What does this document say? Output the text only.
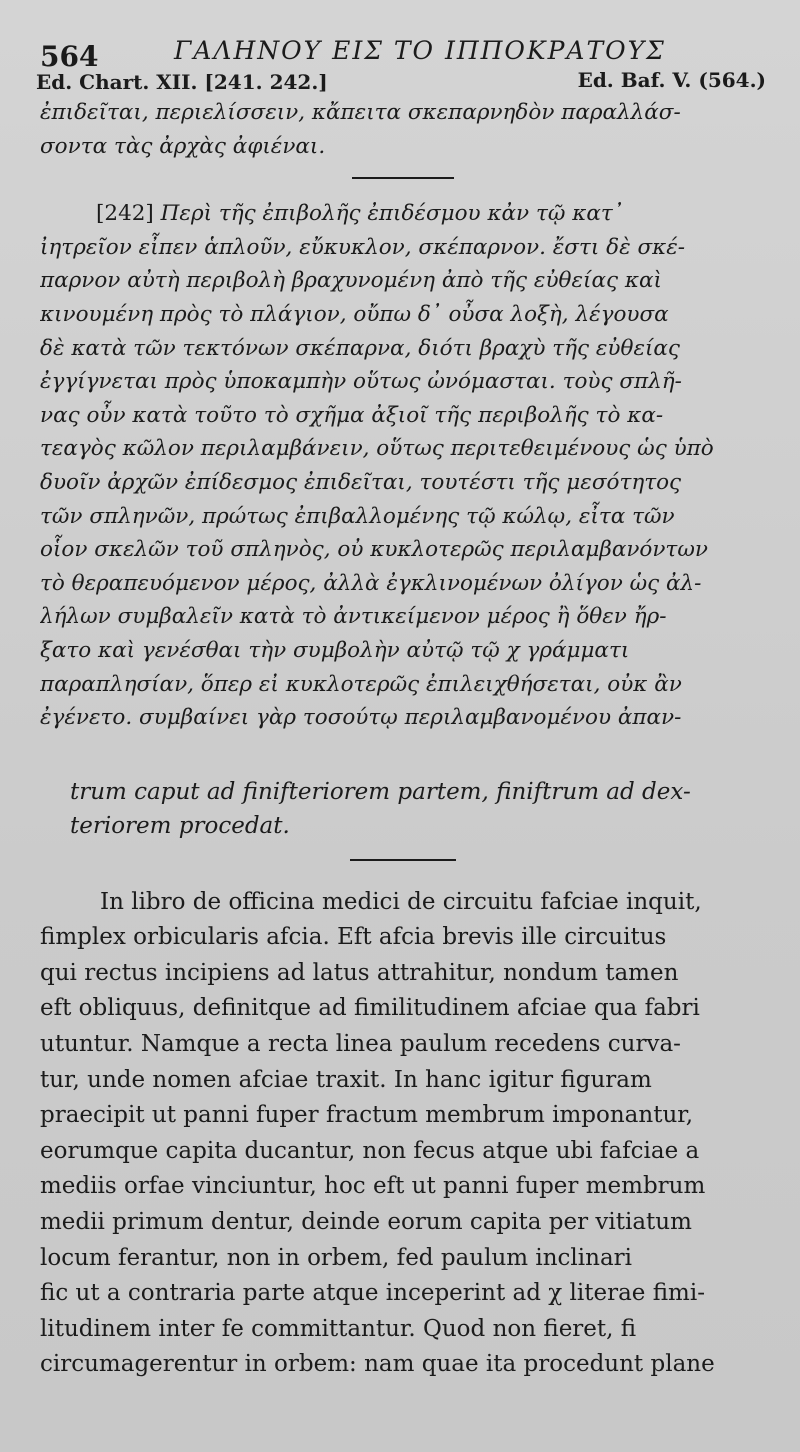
564	ΓΑΛΗΝΟΥ ΕΙΣ ΤΟ ΙΠΠΟΚΡΑΤΟΥΣ
Ed. Chart. XII. [241. 242.]	Ed. Baf. V. (564.)
ἐπιδεῖται, περιελίσσειν, κἄπειτα σκεπαρνηδὸν παραλλάσ-
σοντα τὰς ἀρχὰς ἀφιέναι.
[242] Περὶ τῆς ἐπιβολῆς ἐπιδέσμου κἀν τῷ κατ᾽
ἰητρεῖον εἶπεν ἁπλοῦν, εὔκυκλον, σκέπαρνον. ἔστι δὲ σκέ-
παρνον αὐτὴ περιβολὴ βραχυνομένη ἀπὸ τῆς εὐθείας καὶ
κινουμένη πρὸς τὸ πλάγιον, οὔπω δ᾽ οὖσα λοξὴ, λέγουσα
δὲ κατὰ τῶν τεκτόνων σκέπαρνα, διότι βραχὺ τῆς εὐθείας
ἐγγίγνεται πρὸς ὑποκαμπὴν οὕτως ὠνόμασται. τοὺς σπλῆ-
νας οὖν κατὰ τοῦτο τὸ σχῆμα ἀξιοῖ τῆς περιβολῆς τὸ κα-
τεαγὸς κῶλον περιλαμβάνειν, οὕτως περιτεθειμένους ὡς ὑπὸ
δυοῖν ἀρχῶν ἐπίδεσμος ἐπιδεῖται, τουτέστι τῆς μεσότητος
τῶν σπληνῶν, πρώτως ἐπιβαλλομένης τῷ κώλῳ, εἶτα τῶν
οἷον σκελῶν τοῦ σπληνὸς, οὐ κυκλοτερῶς περιλαμβανόντων
τὸ θεραπευόμενον μέρος, ἀλλὰ ἐγκλινομένων ὀλίγον ὡς ἀλ-
λήλων συμβαλεῖν κατὰ τὸ ἀντικείμενον μέρος ἢ ὅθεν ἤρ-
ξατο καὶ γενέσθαι τὴν συμβολὴν αὐτῷ τῷ χ γράμματι
παραπλησίαν, ὅπερ εἰ κυκλοτερῶς ἐπιλειχθήσεται, οὐκ ἂν
ἐγένετο. συμβαίνει γὰρ τοσούτῳ περιλαμβανομένου ἀπαν-
trum caput ad finifteriorem partem, finiftrum ad dex-
teriorem procedat.
In libro de officina medici de circuitu fafciae inquit,
fimplex orbicularis afcia. Eft afcia brevis ille circuitus
qui rectus incipiens ad latus attrahitur, nondum tamen
eft obliquus, definitque ad fimilitudinem afciae qua fabri
utuntur. Namque a recta linea paulum recedens curva-
tur, unde nomen afciae traxit. In hanc igitur figuram
praecipit ut panni fuper fractum membrum imponantur,
eorumque capita ducantur, non fecus atque ubi fafciae a
mediis orfae vinciuntur, hoc eft ut panni fuper membrum
medii primum dentur, deinde eorum capita per vitiatum
locum ferantur, non in orbem, fed paulum inclinari
fic ut a contraria parte atque inceperint ad χ literae fimi-
litudinem inter fe committantur. Quod non fieret, fi
circumagerentur in orbem: nam quae ita procedunt plane
